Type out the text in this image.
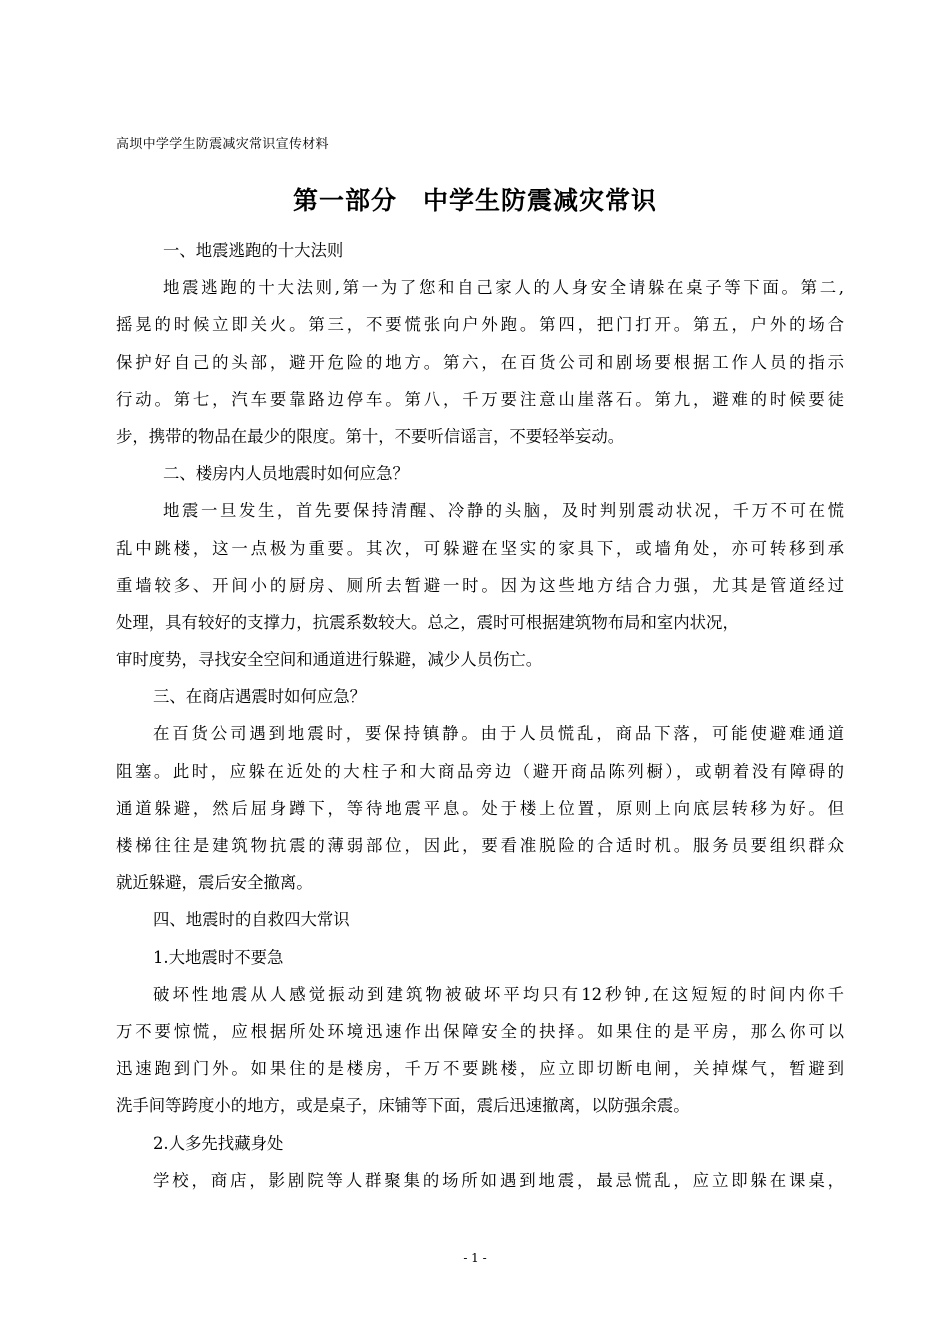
高坝中学学生防震减灾常识宣传材料
第一部分　中学生防震减灾常识
一、地震逃跑的十大法则
地震逃跑的十大法则,第一为了您和自己家人的人身安全请躲在桌子等下面。第二,
摇晃的时候立即关火。第三，不要慌张向户外跑。第四，把门打开。第五，户外的场合
保护好自己的头部，避开危险的地方。第六，在百货公司和剧场要根据工作人员的指示
行动。第七，汽车要靠路边停车。第八，千万要注意山崖落石。第九，避难的时候要徒
步，携带的物品在最少的限度。第十，不要听信谣言，不要轻举妄动。
二、楼房内人员地震时如何应急？
地震一旦发生，首先要保持清醒、冷静的头脑，及时判别震动状况，千万不可在慌
乱中跳楼，这一点极为重要。其次，可躲避在坚实的家具下，或墙角处，亦可转移到承
重墙较多、开间小的厨房、厕所去暂避一时。因为这些地方结合力强，尤其是管道经过
处理，具有较好的支撑力，抗震系数较大。总之，震时可根据建筑物布局和室内状况，
审时度势，寻找安全空间和通道进行躲避，减少人员伤亡。
三、在商店遇震时如何应急？
在百货公司遇到地震时，要保持镇静。由于人员慌乱，商品下落，可能使避难通道
阻塞。此时，应躲在近处的大柱子和大商品旁边（避开商品陈列橱），或朝着没有障碍的
通道躲避，然后屈身蹲下，等待地震平息。处于楼上位置，原则上向底层转移为好。但
楼梯往往是建筑物抗震的薄弱部位，因此，要看准脱险的合适时机。服务员要组织群众
就近躲避，震后安全撤离。
四、地震时的自救四大常识
1.大地震时不要急
破坏性地震从人感觉振动到建筑物被破坏平均只有12秒钟,在这短短的时间内你千
万不要惊慌，应根据所处环境迅速作出保障安全的抉择。如果住的是平房，那么你可以
迅速跑到门外。如果住的是楼房，千万不要跳楼，应立即切断电闸，关掉煤气，暂避到
洗手间等跨度小的地方，或是桌子，床铺等下面，震后迅速撤离，以防强余震。
2.人多先找藏身处
学校，商店，影剧院等人群聚集的场所如遇到地震，最忌慌乱，应立即躲在课桌，
- 1 -
